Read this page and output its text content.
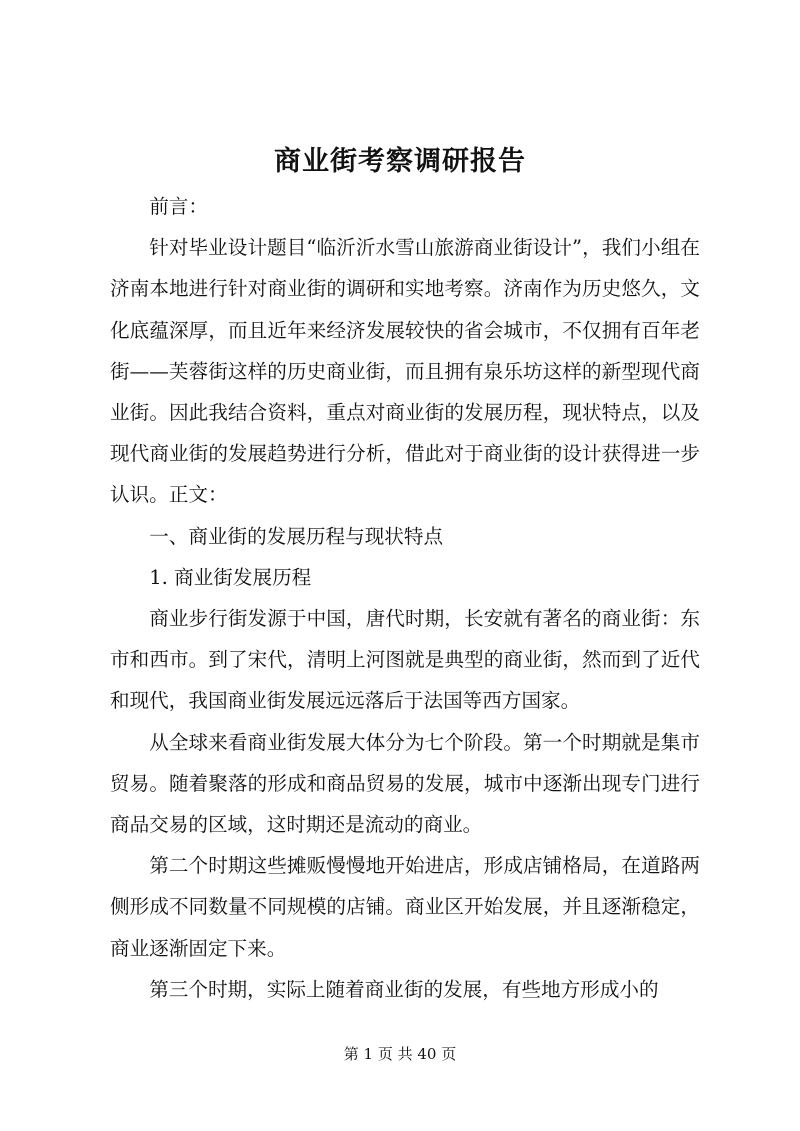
商业街考察调研报告

前言：

针对毕业设计题目“临沂沂水雪山旅游商业街设计”，我们小组在济南本地进行针对商业街的调研和实地考察。济南作为历史悠久，文化底蕴深厚，而且近年来经济发展较快的省会城市，不仅拥有百年老街——芙蓉街这样的历史商业街，而且拥有泉乐坊这样的新型现代商业街。因此我结合资料，重点对商业街的发展历程，现状特点，以及现代商业街的发展趋势进行分析，借此对于商业街的设计获得进一步认识。正文：

一、商业街的发展历程与现状特点

1. 商业街发展历程

商业步行街发源于中国，唐代时期，长安就有著名的商业街：东市和西市。到了宋代，清明上河图就是典型的商业街，然而到了近代和现代，我国商业街发展远远落后于法国等西方国家。

从全球来看商业街发展大体分为七个阶段。第一个时期就是集市贸易。随着聚落的形成和商品贸易的发展，城市中逐渐出现专门进行商品交易的区域，这时期还是流动的商业。

第二个时期这些摊贩慢慢地开始进店，形成店铺格局，在道路两侧形成不同数量不同规模的店铺。商业区开始发展，并且逐渐稳定，商业逐渐固定下来。

第三个时期，实际上随着商业街的发展，有些地方形成小的

第 1 页 共 40 页
